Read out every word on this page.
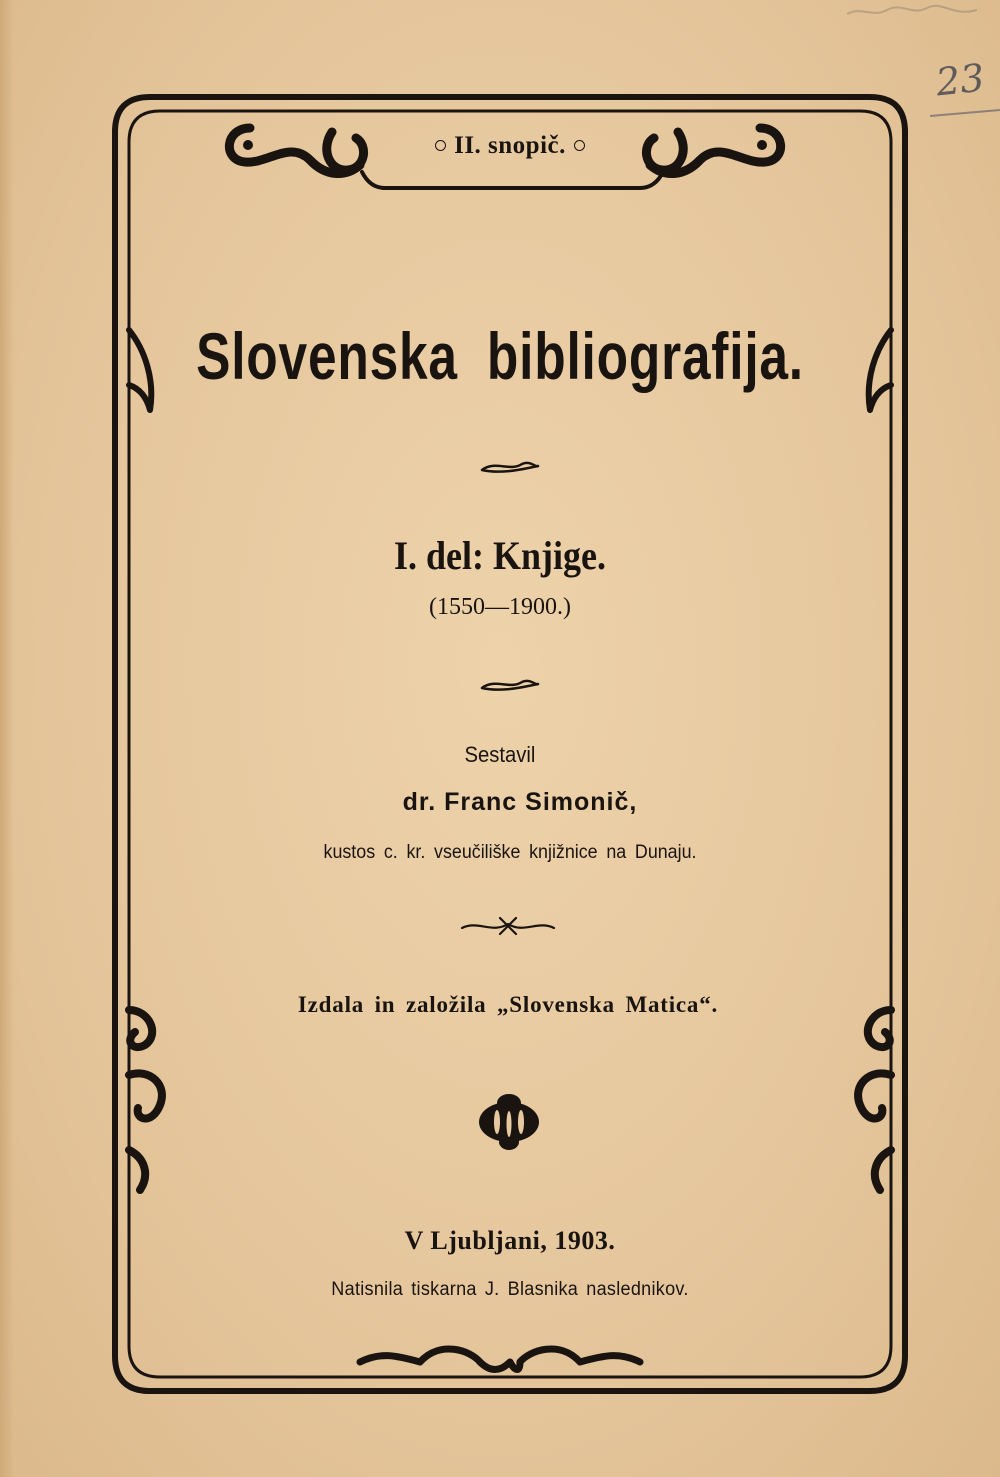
23
II. snopič.
Slovenska bibliografija.
I. del: Knjige.
(1550—1900.)
Sestavil
dr. Franc Simonič,
kustos c. kr. vseučiliške knjižnice na Dunaju.
Izdala in založila „Slovenska Matica“.
V Ljubljani, 1903.
Natisnila tiskarna J. Blasnika naslednikov.
